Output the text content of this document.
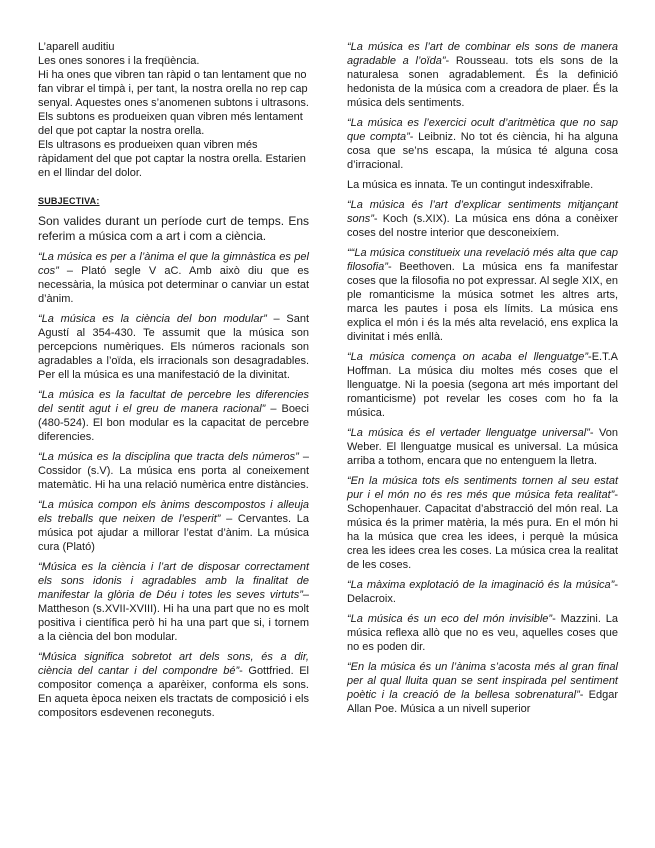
L’aparell auditiu

Les ones sonores i la freqüència.

Hi ha ones que vibren tan ràpid o tan lentament que no fan vibrar el timpà i, per tant, la nostra orella no rep cap senyal. Aquestes ones s’anomenen subtons i ultrasons. Els subtons es produeixen quan vibren més lentament del que pot captar la nostra orella.

Els ultrasons es produeixen quan vibren més ràpidament del que pot captar la nostra orella. Estarien en el llindar del dolor.

SUBJECTIVA:

Son valides durant un període curt de temps. Ens referim a música com a art i com a ciència.

“La música es per a l’ànima el que la gimnàstica es pel cos” – Plató segle V aC. Amb això diu que es necessària, la música pot determinar o canviar un estat d’ànim.

“La música es la ciència del bon modular” – Sant Agustí al 354-430. Te assumit que la música son percepcions numèriques. Els números racionals son agradables a l’oïda, els irracionals son desagradables. Per ell la música es una manifestació de la divinitat.

“La música es la facultat de percebre les diferencies del sentit agut i el greu de manera racional” – Boeci (480-524). El bon modular es la capacitat de percebre diferencies.

“La música es la disciplina que tracta dels números” – Cossidor (s.V). La música ens porta al coneixement matemàtic. Hi ha una relació numèrica entre distàncies.

“La música compon els ànims descompostos i alleuja els treballs que neixen de l’esperit” – Cervantes. La música pot ajudar a millorar l’estat d’ànim. La música cura (Plató)

“Música es la ciència i l’art de disposar correctament els sons idonis i agradables amb la finalitat de manifestar la glòria de Déu i totes les seves virtuts”– Mattheson (s.XVII-XVIII). Hi ha una part que no es molt positiva i científica però hi ha una part que si, i tornem a la ciència del bon modular.

“Música significa sobretot art dels sons, és a dir, ciència del cantar i del compondre bé”- Gottfried. El compositor comença a aparèixer, conforma els sons. En aqueta època neixen els tractats de composició i els compositors esdevenen reconeguts.

“La música es l’art de combinar els sons de manera agradable a l’oïda”- Rousseau. tots els sons de la naturalesa sonen agradablement. És la definició hedonista de la música com a creadora de plaer. És la música dels sentiments.

“La música es l’exercici ocult d’aritmètica que no sap que compta”- Leibniz. No tot és ciència, hi ha alguna cosa que se’ns escapa, la música té alguna cosa d’irracional.

La música es innata. Te un contingut indesxifrable.

“La música és l’art d’explicar sentiments mitjançant sons”- Koch (s.XIX). La música ens dóna a conèixer coses del nostre interior que desconeixíem.

““La música constitueix una revelació més alta que cap filosofia”- Beethoven. La música ens fa manifestar coses que la filosofia no pot expressar. Al segle XIX, en ple romanticisme la música sotmet les altres arts, marca les pautes i posa els límits. La música ens explica el món i és la més alta revelació, ens explica la divinitat i més enllà.

“La música comença on acaba el llenguatge”-E.T.A Hoffman. La música diu moltes més coses que el llenguatge. Ni la poesia (segona art més important del romanticisme) pot revelar les coses com ho fa la música.

“La música és el vertader llenguatge universal”- Von Weber. El llenguatge musical es universal. La música arriba a tothom, encara que no entenguem la lletra.

“En la música tots els sentiments tornen al seu estat pur i el món no és res més que música feta realitat”- Schopenhauer. Capacitat d’abstracció del món real. La música és la primer matèria, la més pura. En el món hi ha la música que crea les idees, i perquè la música crea les idees crea les coses. La música crea la realitat de les coses.

“La màxima explotació de la imaginació és la música”- Delacroix.

“La música és un eco del món invisible”- Mazzini. La música reflexa allò que no es veu, aquelles coses que no es poden dir.

“En la música és un l’ànima s’acosta més al gran final per al qual lluita quan se sent inspirada pel sentiment poètic i la creació de la bellesa sobrenatural”- Edgar Allan Poe. Música a un nivell superior
